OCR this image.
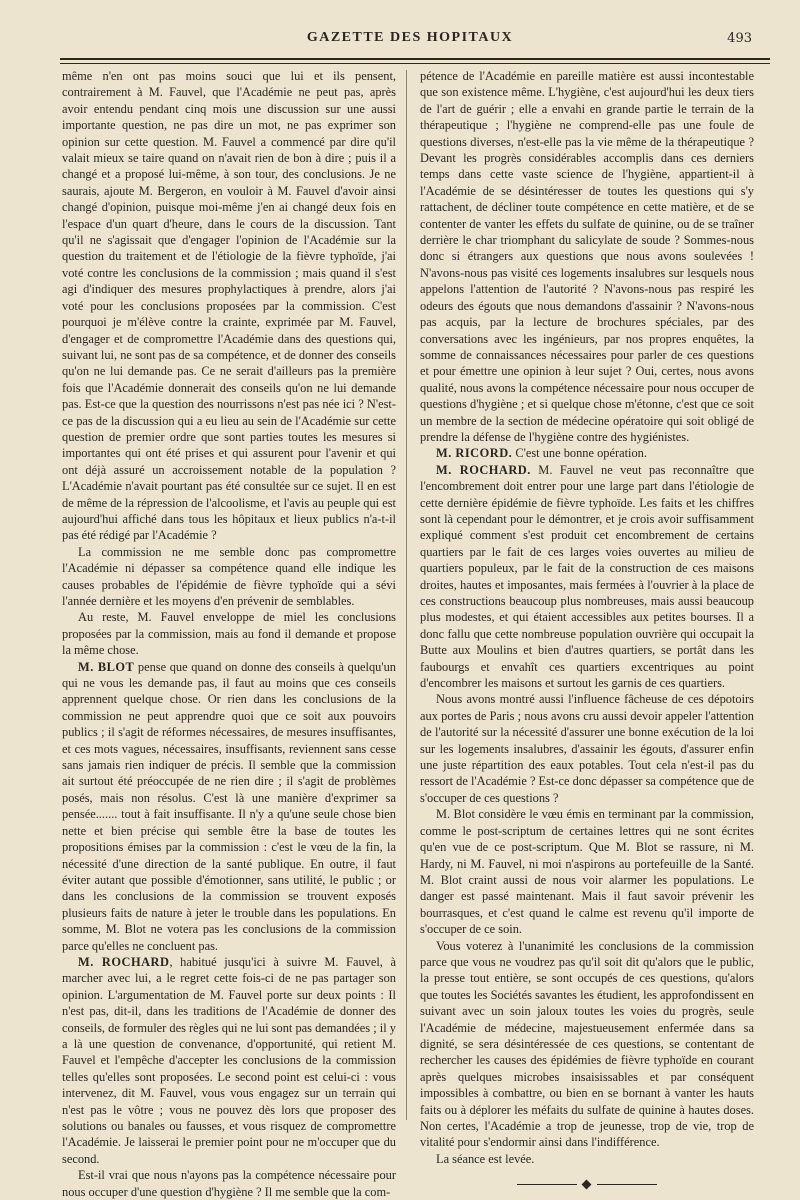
GAZETTE DES HOPITAUX	493

même n'en ont pas moins souci que lui et ils pensent, contrairement à M. Fauvel, que l'Académie ne peut pas, après avoir entendu pendant cinq mois une discussion sur une aussi importante question, ne pas dire un mot, ne pas exprimer son opinion sur cette question. M. Fauvel a commencé par dire qu'il valait mieux se taire quand on n'avait rien de bon à dire ; puis il a changé et a proposé lui-même, à son tour, des conclusions. Je ne saurais, ajoute M. Bergeron, en vouloir à M. Fauvel d'avoir ainsi changé d'opinion, puisque moi-même j'en ai changé deux fois en l'espace d'un quart d'heure, dans le cours de la discussion. Tant qu'il ne s'agissait que d'engager l'opinion de l'Académie sur la question du traitement et de l'étiologie de la fièvre typhoïde, j'ai voté contre les conclusions de la commission ; mais quand il s'est agi d'indiquer des mesures prophylactiques à prendre, alors j'ai voté pour les conclusions proposées par la commission. C'est pourquoi je m'élève contre la crainte, exprimée par M. Fauvel, d'engager et de compromettre l'Académie dans des questions qui, suivant lui, ne sont pas de sa compétence, et de donner des conseils qu'on ne lui demande pas. Ce ne serait d'ailleurs pas la première fois que l'Académie donnerait des conseils qu'on ne lui demande pas. Est-ce que la question des nourrissons n'est pas née ici ? N'est-ce pas de la discussion qui a eu lieu au sein de l'Académie sur cette question de premier ordre que sont parties toutes les mesures si importantes qui ont été prises et qui assurent pour l'avenir et qui ont déjà assuré un accroissement notable de la population ? L'Académie n'avait pourtant pas été consultée sur ce sujet. Il en est de même de la répression de l'alcoolisme, et l'avis au peuple qui est aujourd'hui affiché dans tous les hôpitaux et lieux publics n'a-t-il pas été rédigé par l'Académie ?

La commission ne me semble donc pas compromettre l'Académie ni dépasser sa compétence quand elle indique les causes probables de l'épidémie de fièvre typhoïde qui a sévi l'année dernière et les moyens d'en prévenir de semblables.

Au reste, M. Fauvel enveloppe de miel les conclusions proposées par la commission, mais au fond il demande et propose la même chose.

M. BLOT pense que quand on donne des conseils à quelqu'un qui ne vous les demande pas, il faut au moins que ces conseils apprennent quelque chose. Or rien dans les conclusions de la commission ne peut apprendre quoi que ce soit aux pouvoirs publics ; il s'agit de réformes nécessaires, de mesures insuffisantes, et ces mots vagues, nécessaires, insuffisants, reviennent sans cesse sans jamais rien indiquer de précis. Il semble que la commission ait surtout été préoccupée de ne rien dire ; il s'agit de problèmes posés, mais non résolus. C'est là une manière d'exprimer sa pensée....... tout à fait insuffisante. Il n'y a qu'une seule chose bien nette et bien précise qui semble être la base de toutes les propositions émises par la commission : c'est le vœu de la fin, la nécessité d'une direction de la santé publique. En outre, il faut éviter autant que possible d'émotionner, sans utilité, le public ; or dans les conclusions de la commission se trouvent exposés plusieurs faits de nature à jeter le trouble dans les populations. En somme, M. Blot ne votera pas les conclusions de la commission parce qu'elles ne concluent pas.

M. ROCHARD, habitué jusqu'ici à suivre M. Fauvel, à marcher avec lui, a le regret cette fois-ci de ne pas partager son opinion. L'argumentation de M. Fauvel porte sur deux points : Il n'est pas, dit-il, dans les traditions de l'Académie de donner des conseils, de formuler des règles qui ne lui sont pas demandées ; il y a là une question de convenance, d'opportunité, qui retient M. Fauvel et l'empêche d'accepter les conclusions de la commission telles qu'elles sont proposées. Le second point est celui-ci : vous intervenez, dit M. Fauvel, vous vous engagez sur un terrain qui n'est pas le vôtre ; vous ne pouvez dès lors que proposer des solutions ou banales ou fausses, et vous risquez de compromettre l'Académie. Je laisserai le premier point pour ne m'occuper que du second.

Est-il vrai que nous n'ayons pas la compétence nécessaire pour nous occuper d'une question d'hygiène ? Il me semble que la com-

pétence de l'Académie en pareille matière est aussi incontestable que son existence même. L'hygiène, c'est aujourd'hui les deux tiers de l'art de guérir ; elle a envahi en grande partie le terrain de la thérapeutique ; l'hygiène ne comprend-elle pas une foule de questions diverses, n'est-elle pas la vie même de la thérapeutique ? Devant les progrès considérables accomplis dans ces derniers temps dans cette vaste science de l'hygiène, appartient-il à l'Académie de se désintéresser de toutes les questions qui s'y rattachent, de décliner toute compétence en cette matière, et de se contenter de vanter les effets du sulfate de quinine, ou de se traîner derrière le char triomphant du salicylate de soude ? Sommes-nous donc si étrangers aux questions que nous avons soulevées ! N'avons-nous pas visité ces logements insalubres sur lesquels nous appelons l'attention de l'autorité ? N'avons-nous pas respiré les odeurs des égouts que nous demandons d'assainir ? N'avons-nous pas acquis, par la lecture de brochures spéciales, par des conversations avec les ingénieurs, par nos propres enquêtes, la somme de connaissances nécessaires pour parler de ces questions et pour émettre une opinion à leur sujet ? Oui, certes, nous avons qualité, nous avons la compétence nécessaire pour nous occuper de questions d'hygiène ; et si quelque chose m'étonne, c'est que ce soit un membre de la section de médecine opératoire qui soit obligé de prendre la défense de l'hygiène contre des hygiénistes.

M. RICORD. C'est une bonne opération.

M. ROCHARD. M. Fauvel ne veut pas reconnaître que l'encombrement doit entrer pour une large part dans l'étiologie de cette dernière épidémie de fièvre typhoïde. Les faits et les chiffres sont là cependant pour le démontrer, et je crois avoir suffisamment expliqué comment s'est produit cet encombrement de certains quartiers par le fait de ces larges voies ouvertes au milieu de quartiers populeux, par le fait de la construction de ces maisons droites, hautes et imposantes, mais fermées à l'ouvrier à la place de ces constructions beaucoup plus nombreuses, mais aussi beaucoup plus modestes, et qui étaient accessibles aux petites bourses. Il a donc fallu que cette nombreuse population ouvrière qui occupait la Butte aux Moulins et bien d'autres quartiers, se portât dans les faubourgs et envahît ces quartiers excentriques au point d'encombrer les maisons et surtout les garnis de ces quartiers.

Nous avons montré aussi l'influence fâcheuse de ces dépotoirs aux portes de Paris ; nous avons cru aussi devoir appeler l'attention de l'autorité sur la nécessité d'assurer une bonne exécution de la loi sur les logements insalubres, d'assainir les égouts, d'assurer enfin une juste répartition des eaux potables. Tout cela n'est-il pas du ressort de l'Académie ? Est-ce donc dépasser sa compétence que de s'occuper de ces questions ?

M. Blot considère le vœu émis en terminant par la commission, comme le post-scriptum de certaines lettres qui ne sont écrites qu'en vue de ce post-scriptum. Que M. Blot se rassure, ni M. Hardy, ni M. Fauvel, ni moi n'aspirons au portefeuille de la Santé. M. Blot craint aussi de nous voir alarmer les populations. Le danger est passé maintenant. Mais il faut savoir prévenir les bourrasques, et c'est quand le calme est revenu qu'il importe de s'occuper de ce soin.

Vous voterez à l'unanimité les conclusions de la commission parce que vous ne voudrez pas qu'il soit dit qu'alors que le public, la presse tout entière, se sont occupés de ces questions, qu'alors que toutes les Sociétés savantes les étudient, les approfondissent en suivant avec un soin jaloux toutes les voies du progrès, seule l'Académie de médecine, majestueusement enfermée dans sa dignité, se sera désintéressée de ces questions, se contentant de rechercher les causes des épidémies de fièvre typhoïde en courant après quelques microbes insaisissables et par conséquent impossibles à combattre, ou bien en se bornant à vanter les hauts faits ou à déplorer les méfaits du sulfate de quinine à hautes doses. Non certes, l'Académie a trop de jeunesse, trop de vie, trop de vitalité pour s'endormir ainsi dans l'indifférence.

La séance est levée.
